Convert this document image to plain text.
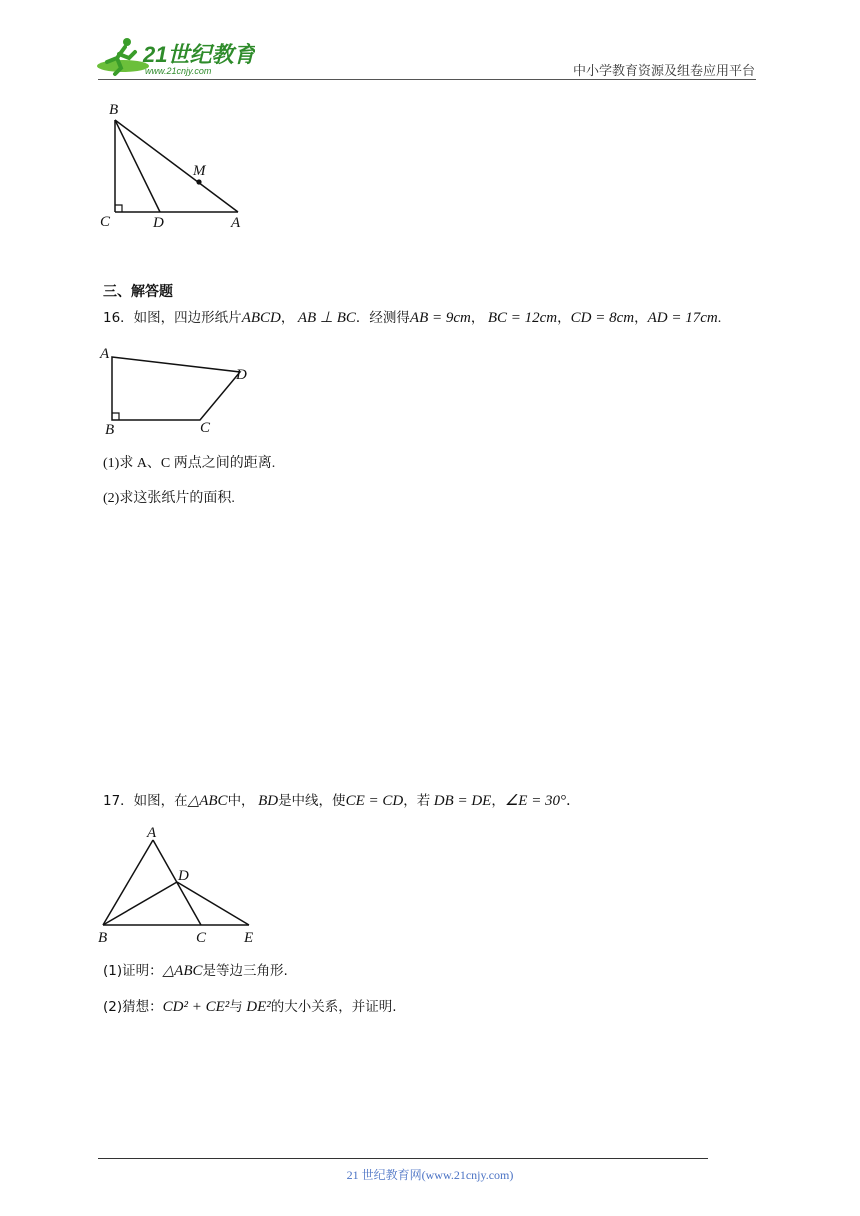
21世纪教育
www.21cnjy.com	中小学教育资源及组卷应用平台
B
M
C	D	A
三、解答题
16．如图，四边形纸片ABCD， AB ⊥ BC．经测得AB = 9cm， BC = 12cm，CD = 8cm，AD = 17cm.
A
D
B	C
(1)求 A、C 两点之间的距离.
(2)求这张纸片的面积.
17．如图，在△ABC中， BD是中线，使CE = CD，若 DB = DE，∠E = 30°．
A
D
B	C	E
(1)证明：△ABC是等边三角形.
(2)猜想：CD² + CE²与 DE²的大小关系，并证明.
21 世纪教育网(www.21cnjy.com)
